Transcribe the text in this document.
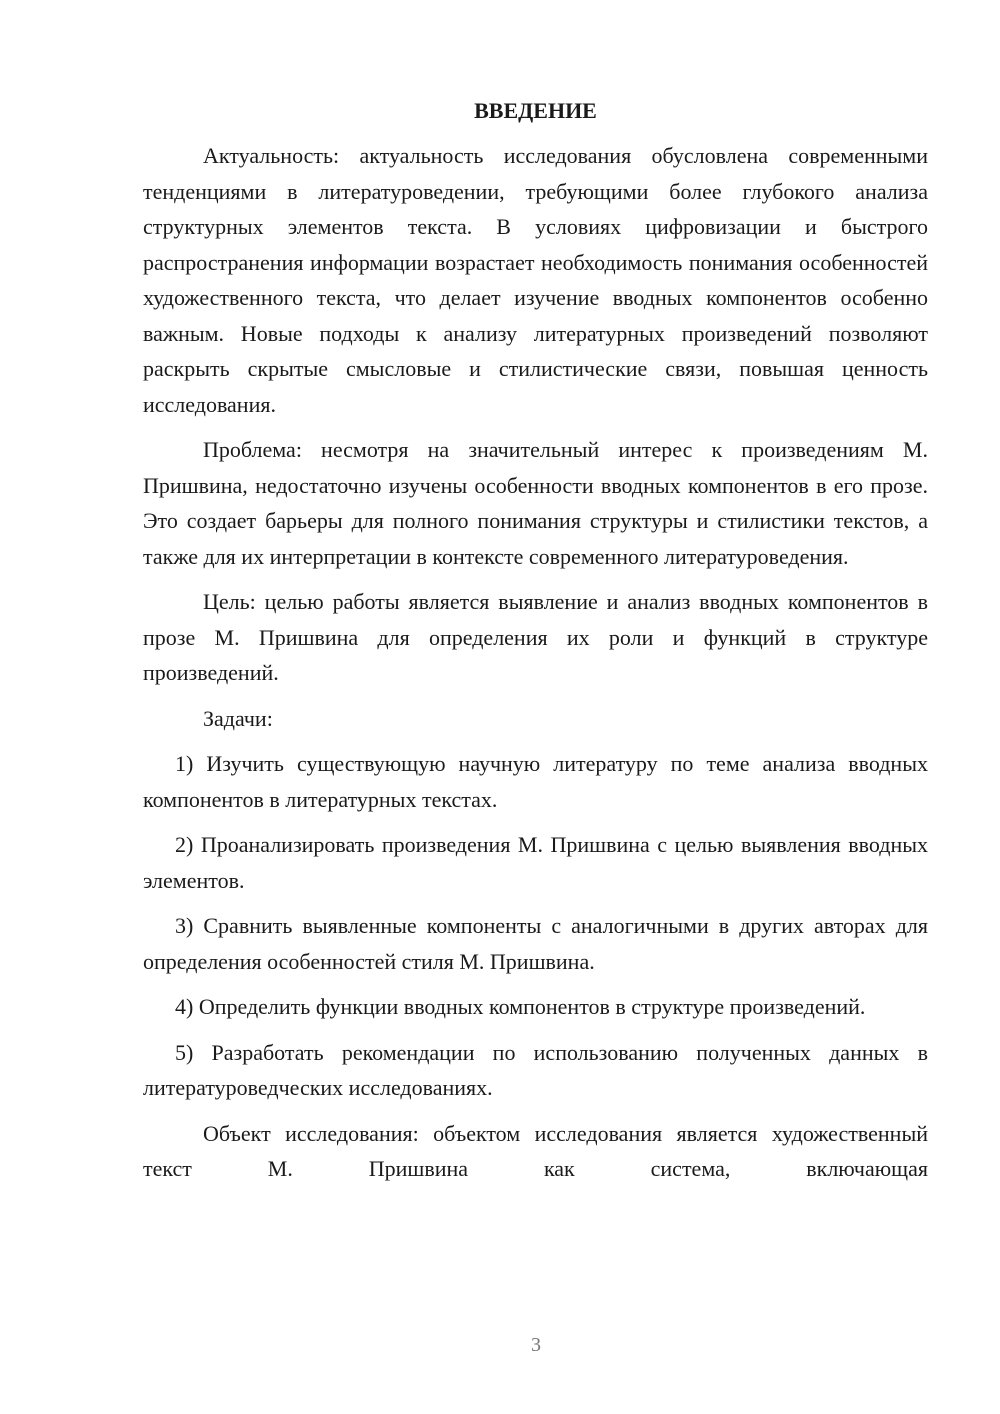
ВВЕДЕНИЕ

Актуальность: актуальность исследования обусловлена современными тенденциями в литературоведении, требующими более глубокого анализа структурных элементов текста. В условиях цифровизации и быстрого распространения информации возрастает необходимость понимания особенностей художественного текста, что делает изучение вводных компонентов особенно важным. Новые подходы к анализу литературных произведений позволяют раскрыть скрытые смысловые и стилистические связи, повышая ценность исследования.

Проблема: несмотря на значительный интерес к произведениям М. Пришвина, недостаточно изучены особенности вводных компонентов в его прозе. Это создает барьеры для полного понимания структуры и стилистики текстов, а также для их интерпретации в контексте современного литературоведения.

Цель: целью работы является выявление и анализ вводных компонентов в прозе М. Пришвина для определения их роли и функций в структуре произведений.

Задачи:

1) Изучить существующую научную литературу по теме анализа вводных компонентов в литературных текстах.

2) Проанализировать произведения М. Пришвина с целью выявления вводных элементов.

3) Сравнить выявленные компоненты с аналогичными в других авторах для определения особенностей стиля М. Пришвина.

4) Определить функции вводных компонентов в структуре произведений.

5) Разработать рекомендации по использованию полученных данных в литературоведческих исследованиях.

Объект исследования: объектом исследования является художественный текст М. Пришвина как система, включающая

3
